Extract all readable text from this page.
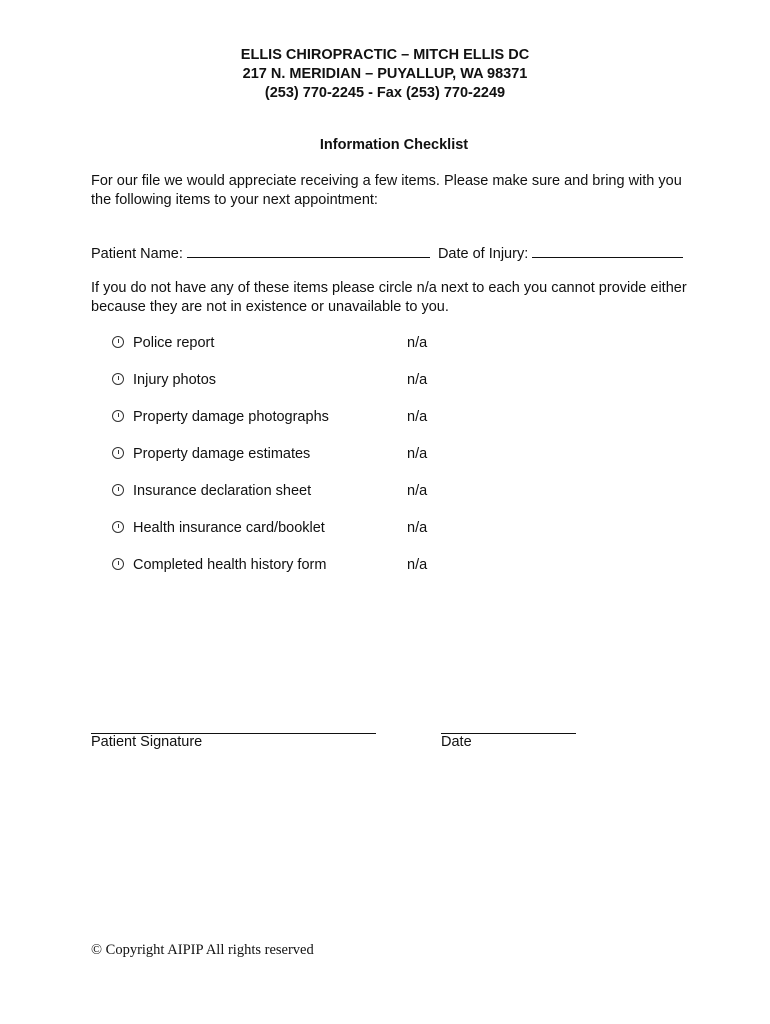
ELLIS CHIROPRACTIC – MITCH ELLIS DC
217 N. MERIDIAN – PUYALLUP, WA 98371
(253) 770-2245 - Fax (253) 770-2249
Information Checklist
For our file we would appreciate receiving a few items. Please make sure and bring with you the following items to your next appointment:
Patient Name:	Date of Injury:
If you do not have any of these items please circle n/a next to each you cannot provide either because they are not in existence or unavailable to you.
Police report	n/a
Injury photos	n/a
Property damage photographs	n/a
Property damage estimates	n/a
Insurance declaration sheet	n/a
Health insurance card/booklet	n/a
Completed health history form	n/a
Patient Signature	Date
© Copyright AIPIP All rights reserved
